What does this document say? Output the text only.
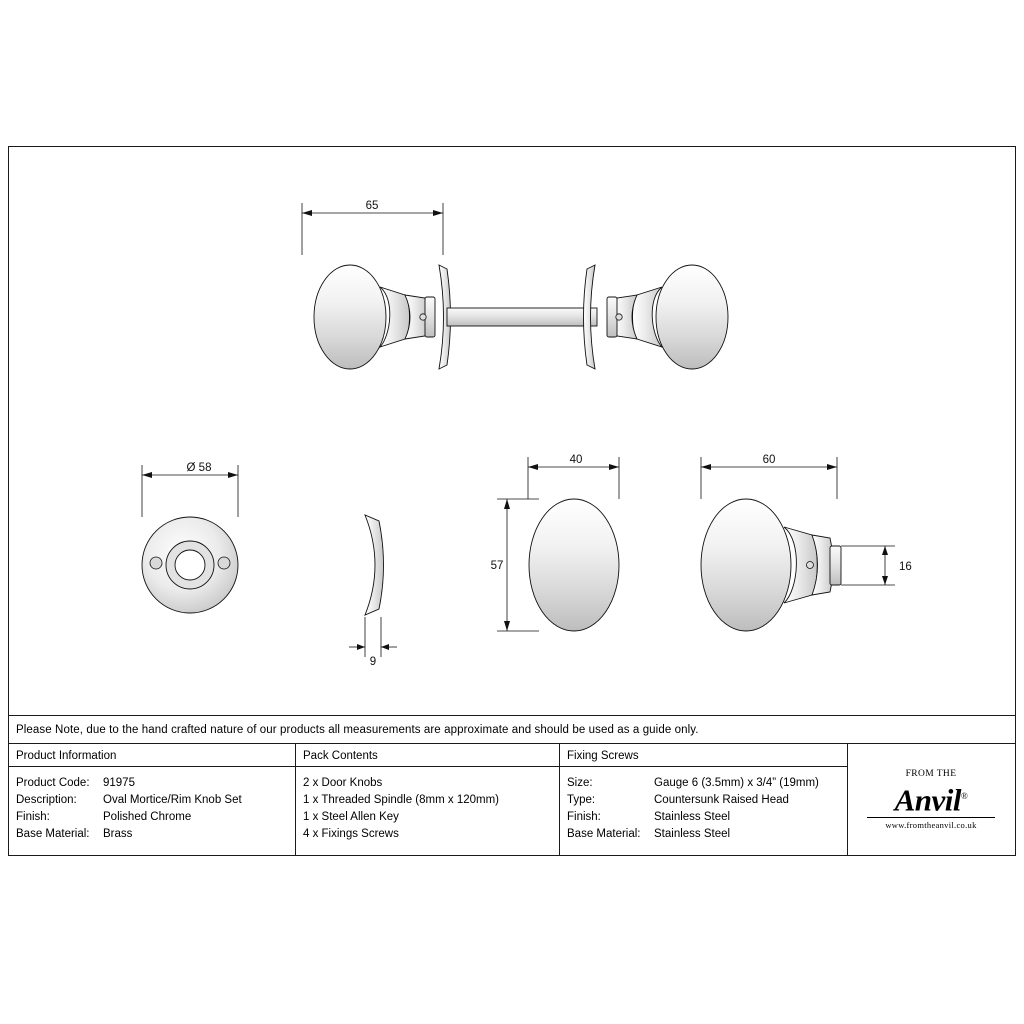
65
Ø 58
9
40
57
60
16
Please Note, due to the hand crafted nature of our products all measurements are approximate and should be used as a guide only.
Product Information
Product Code:	91975
Description:	Oval Mortice/Rim Knob Set
Finish:	Polished Chrome
Base Material:	Brass
Pack Contents
2 x Door Knobs
1 x Threaded Spindle (8mm x 120mm)
1 x Steel Allen Key
4 x Fixings Screws
Fixing Screws
Size:	Gauge 6 (3.5mm) x 3/4” (19mm)
Type:	Countersunk Raised Head
Finish:	Stainless Steel
Base Material:	Stainless Steel
FROM THE
Anvil®
www.fromtheanvil.co.uk
